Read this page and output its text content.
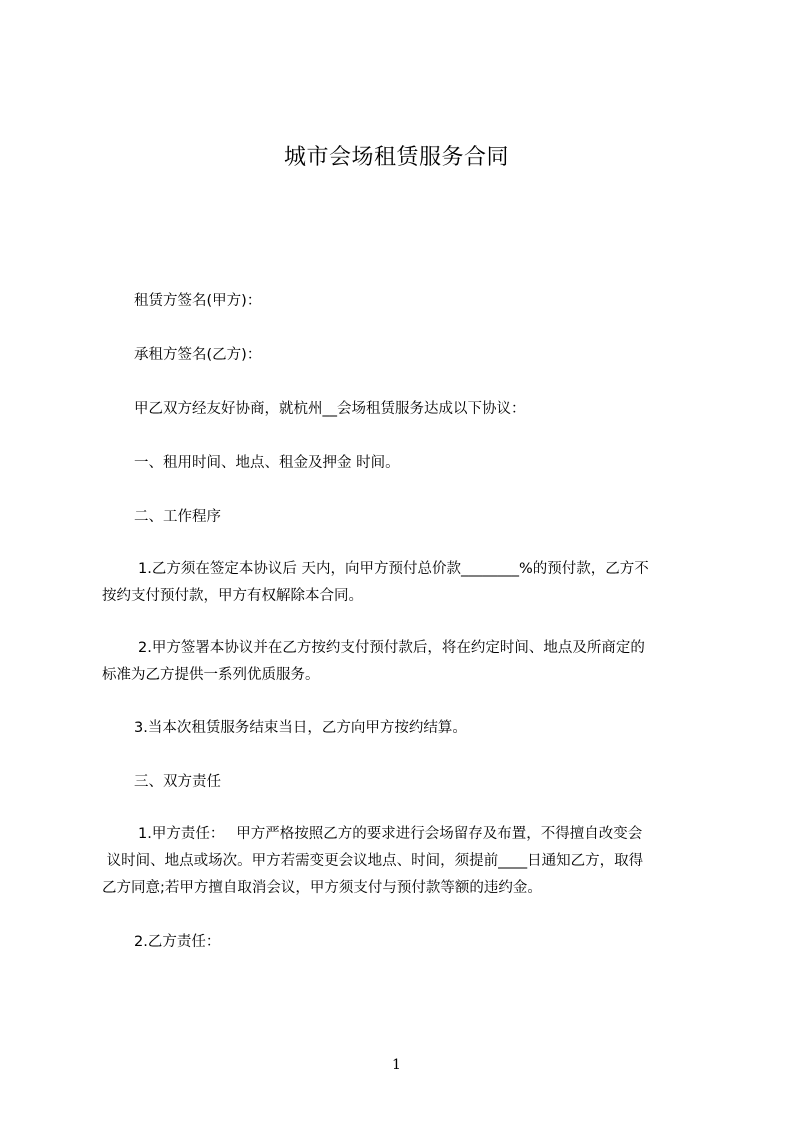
城市会场租赁服务合同
租赁方签名(甲方)：
承租方签名(乙方)：
甲乙双方经友好协商，就杭州__会场租赁服务达成以下协议：
一、租用时间、地点、租金及押金 时间。
二、工作程序
1.乙方须在签定本协议后 天内，向甲方预付总价款________%的预付款，乙方不
按约支付预付款，甲方有权解除本合同。
2.甲方签署本协议并在乙方按约支付预付款后，将在约定时间、地点及所商定的
标准为乙方提供一系列优质服务。
3.当本次租赁服务结束当日，乙方向甲方按约结算。
三、双方责任
1.甲方责任：　 甲方严格按照乙方的要求进行会场留存及布置，不得擅自改变会
议时间、地点或场次。甲方若需变更会议地点、时间，须提前____日通知乙方，取得
乙方同意;若甲方擅自取消会议，甲方须支付与预付款等额的违约金。
2.乙方责任：
1
